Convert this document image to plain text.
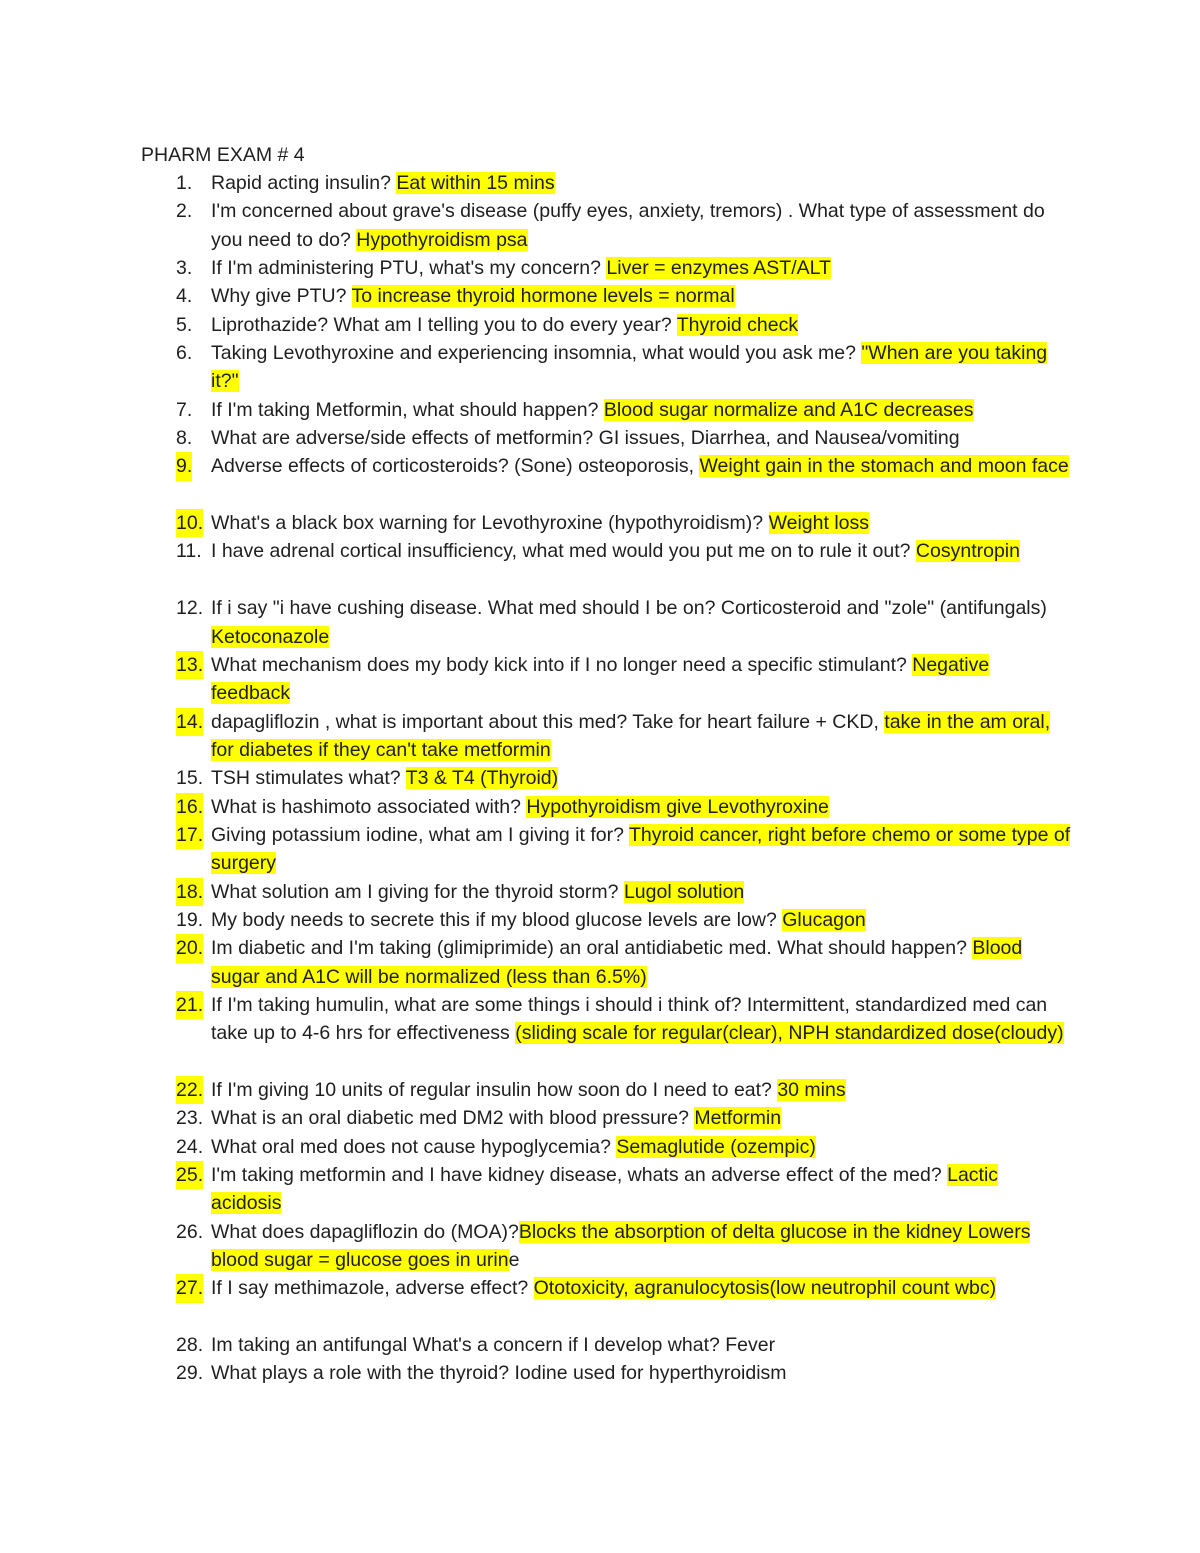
PHARM EXAM # 4
1. Rapid acting insulin? Eat within 15 mins
2. I'm concerned about grave's disease (puffy eyes, anxiety, tremors) . What type of assessment do you need to do? Hypothyroidism psa
3. If I'm administering PTU, what's my concern? Liver = enzymes AST/ALT
4. Why give PTU? To increase thyroid hormone levels = normal
5. Liprothazide? What am I telling you to do every year? Thyroid check
6. Taking Levothyroxine and experiencing insomnia, what would you ask me? "When are you taking it?"
7. If I'm taking Metformin, what should happen? Blood sugar normalize and A1C decreases
8. What are adverse/side effects of metformin? GI issues, Diarrhea, and Nausea/vomiting
9. Adverse effects of corticosteroids? (Sone) osteoporosis, Weight gain in the stomach and moon face
10. What's a black box warning for Levothyroxine (hypothyroidism)? Weight loss
11. I have adrenal cortical insufficiency, what med would you put me on to rule it out? Cosyntropin
12. If i say "i have cushing disease. What med should I be on? Corticosteroid and "zole" (antifungals) Ketoconazole
13. What mechanism does my body kick into if I no longer need a specific stimulant? Negative feedback
14. dapagliflozin , what is important about this med? Take for heart failure + CKD, take in the am oral, for diabetes if they can't take metformin
15. TSH stimulates what? T3 & T4 (Thyroid)
16. What is hashimoto associated with? Hypothyroidism give Levothyroxine
17. Giving potassium iodine, what am I giving it for? Thyroid cancer, right before chemo or some type of surgery
18. What solution am I giving for the thyroid storm? Lugol solution
19. My body needs to secrete this if my blood glucose levels are low? Glucagon
20. Im diabetic and I'm taking (glimiprimide) an oral antidiabetic med. What should happen? Blood sugar and A1C will be normalized (less than 6.5%)
21. If I'm taking humulin, what are some things i should i think of? Intermittent, standardized med can take up to 4-6 hrs for effectiveness (sliding scale for regular(clear), NPH standardized dose(cloudy)
22. If I'm giving 10 units of regular insulin how soon do I need to eat? 30 mins
23. What is an oral diabetic med DM2 with blood pressure? Metformin
24. What oral med does not cause hypoglycemia? Semaglutide (ozempic)
25. I'm taking metformin and I have kidney disease, whats an adverse effect of the med? Lactic acidosis
26. What does dapagliflozin do (MOA)?Blocks the absorption of delta glucose in the kidney Lowers blood sugar = glucose goes in urine
27. If I say methimazole, adverse effect? Ototoxicity, agranulocytosis(low neutrophil count wbc)
28. Im taking an antifungal What's a concern if I develop what? Fever
29. What plays a role with the thyroid? Iodine used for hyperthyroidism
